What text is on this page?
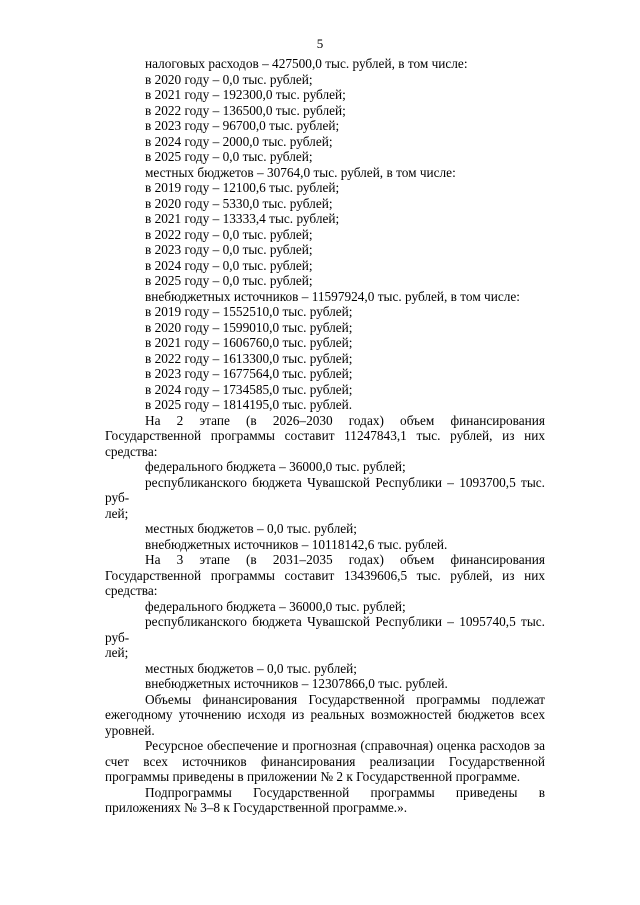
5

налоговых расходов – 427500,0 тыс. рублей, в том числе:

в 2020 году – 0,0 тыс. рублей;

в 2021 году – 192300,0 тыс. рублей;

в 2022 году – 136500,0 тыс. рублей;

в 2023 году – 96700,0 тыс. рублей;

в 2024 году – 2000,0 тыс. рублей;

в 2025 году – 0,0 тыс. рублей;

местных бюджетов – 30764,0 тыс. рублей, в том числе:

в 2019 году – 12100,6 тыс. рублей;

в 2020 году – 5330,0 тыс. рублей;

в 2021 году – 13333,4 тыс. рублей;

в 2022 году – 0,0 тыс. рублей;

в 2023 году – 0,0 тыс. рублей;

в 2024 году – 0,0 тыс. рублей;

в 2025 году – 0,0 тыс. рублей;

внебюджетных источников – 11597924,0 тыс. рублей, в том числе:

в 2019 году – 1552510,0 тыс. рублей;

в 2020 году – 1599010,0 тыс. рублей;

в 2021 году – 1606760,0 тыс. рублей;

в 2022 году – 1613300,0 тыс. рублей;

в 2023 году – 1677564,0 тыс. рублей;

в 2024 году – 1734585,0 тыс. рублей;

в 2025 году – 1814195,0 тыс. рублей.

На 2 этапе (в 2026–2030 годах) объем финансирования Государственной программы составит 11247843,1 тыс. рублей, из них средства:

федерального бюджета – 36000,0 тыс. рублей;

республиканского бюджета Чувашской Республики – 1093700,5 тыс. руб-

лей;

местных бюджетов – 0,0 тыс. рублей;

внебюджетных источников – 10118142,6 тыс. рублей.

На 3 этапе (в 2031–2035 годах) объем финансирования Государственной программы составит 13439606,5 тыс. рублей, из них средства:

федерального бюджета – 36000,0 тыс. рублей;

республиканского бюджета Чувашской Республики – 1095740,5 тыс. руб-

лей;

местных бюджетов – 0,0 тыс. рублей;

внебюджетных источников – 12307866,0 тыс. рублей.

Объемы финансирования Государственной программы подлежат ежегодному уточнению исходя из реальных возможностей бюджетов всех уровней.

Ресурсное обеспечение и прогнозная (справочная) оценка расходов за счет всех источников финансирования реализации Государственной программы приведены в приложении № 2 к Государственной программе.

Подпрограммы Государственной программы приведены в приложениях № 3–8 к Государственной программе.».
